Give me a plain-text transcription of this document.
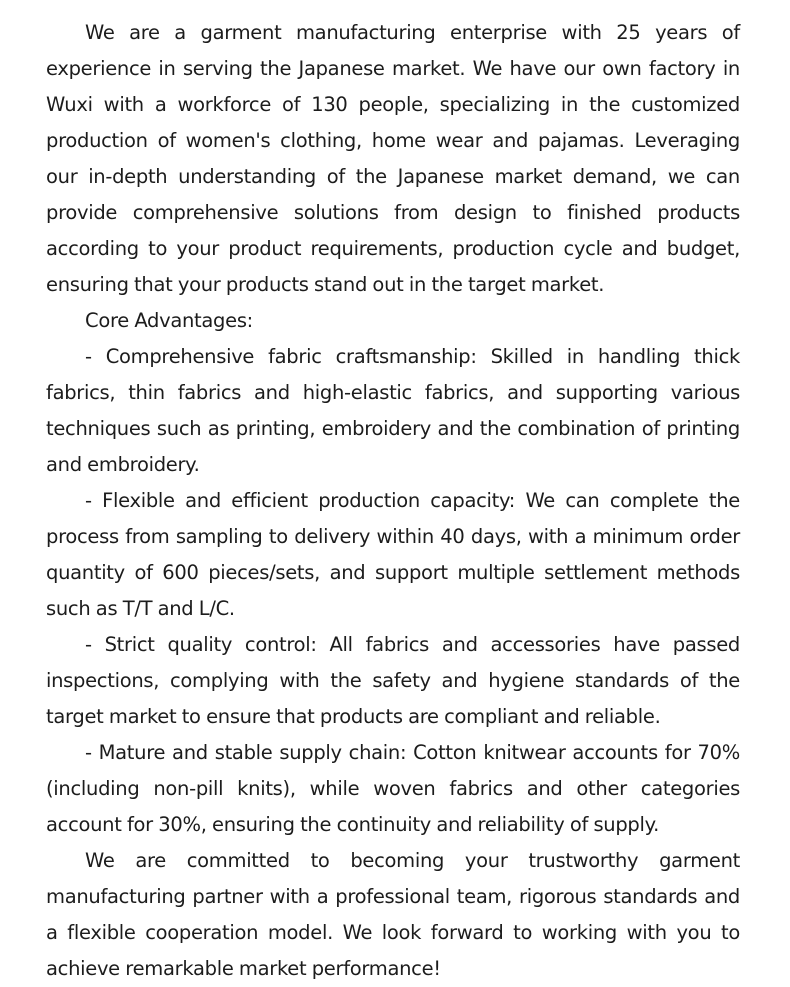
We are a garment manufacturing enterprise with 25 years of experience in serving the Japanese market. We have our own factory in Wuxi with a workforce of 130 people, specializing in the customized production of women's clothing, home wear and pajamas. Leveraging our in-depth understanding of the Japanese market demand, we can provide comprehensive solutions from design to finished products according to your product requirements, production cycle and budget, ensuring that your products stand out in the target market.

Core Advantages:

- Comprehensive fabric craftsmanship: Skilled in handling thick fabrics, thin fabrics and high-elastic fabrics, and supporting various techniques such as printing, embroidery and the combination of printing and embroidery.

- Flexible and efficient production capacity: We can complete the process from sampling to delivery within 40 days, with a minimum order quantity of 600 pieces/sets, and support multiple settlement methods such as T/T and L/C.

- Strict quality control: All fabrics and accessories have passed inspections, complying with the safety and hygiene standards of the target market to ensure that products are compliant and reliable.

- Mature and stable supply chain: Cotton knitwear accounts for 70% (including non-pill knits), while woven fabrics and other categories account for 30%, ensuring the continuity and reliability of supply.

We are committed to becoming your trustworthy garment manufacturing partner with a professional team, rigorous standards and a flexible cooperation model. We look forward to working with you to achieve remarkable market performance!
